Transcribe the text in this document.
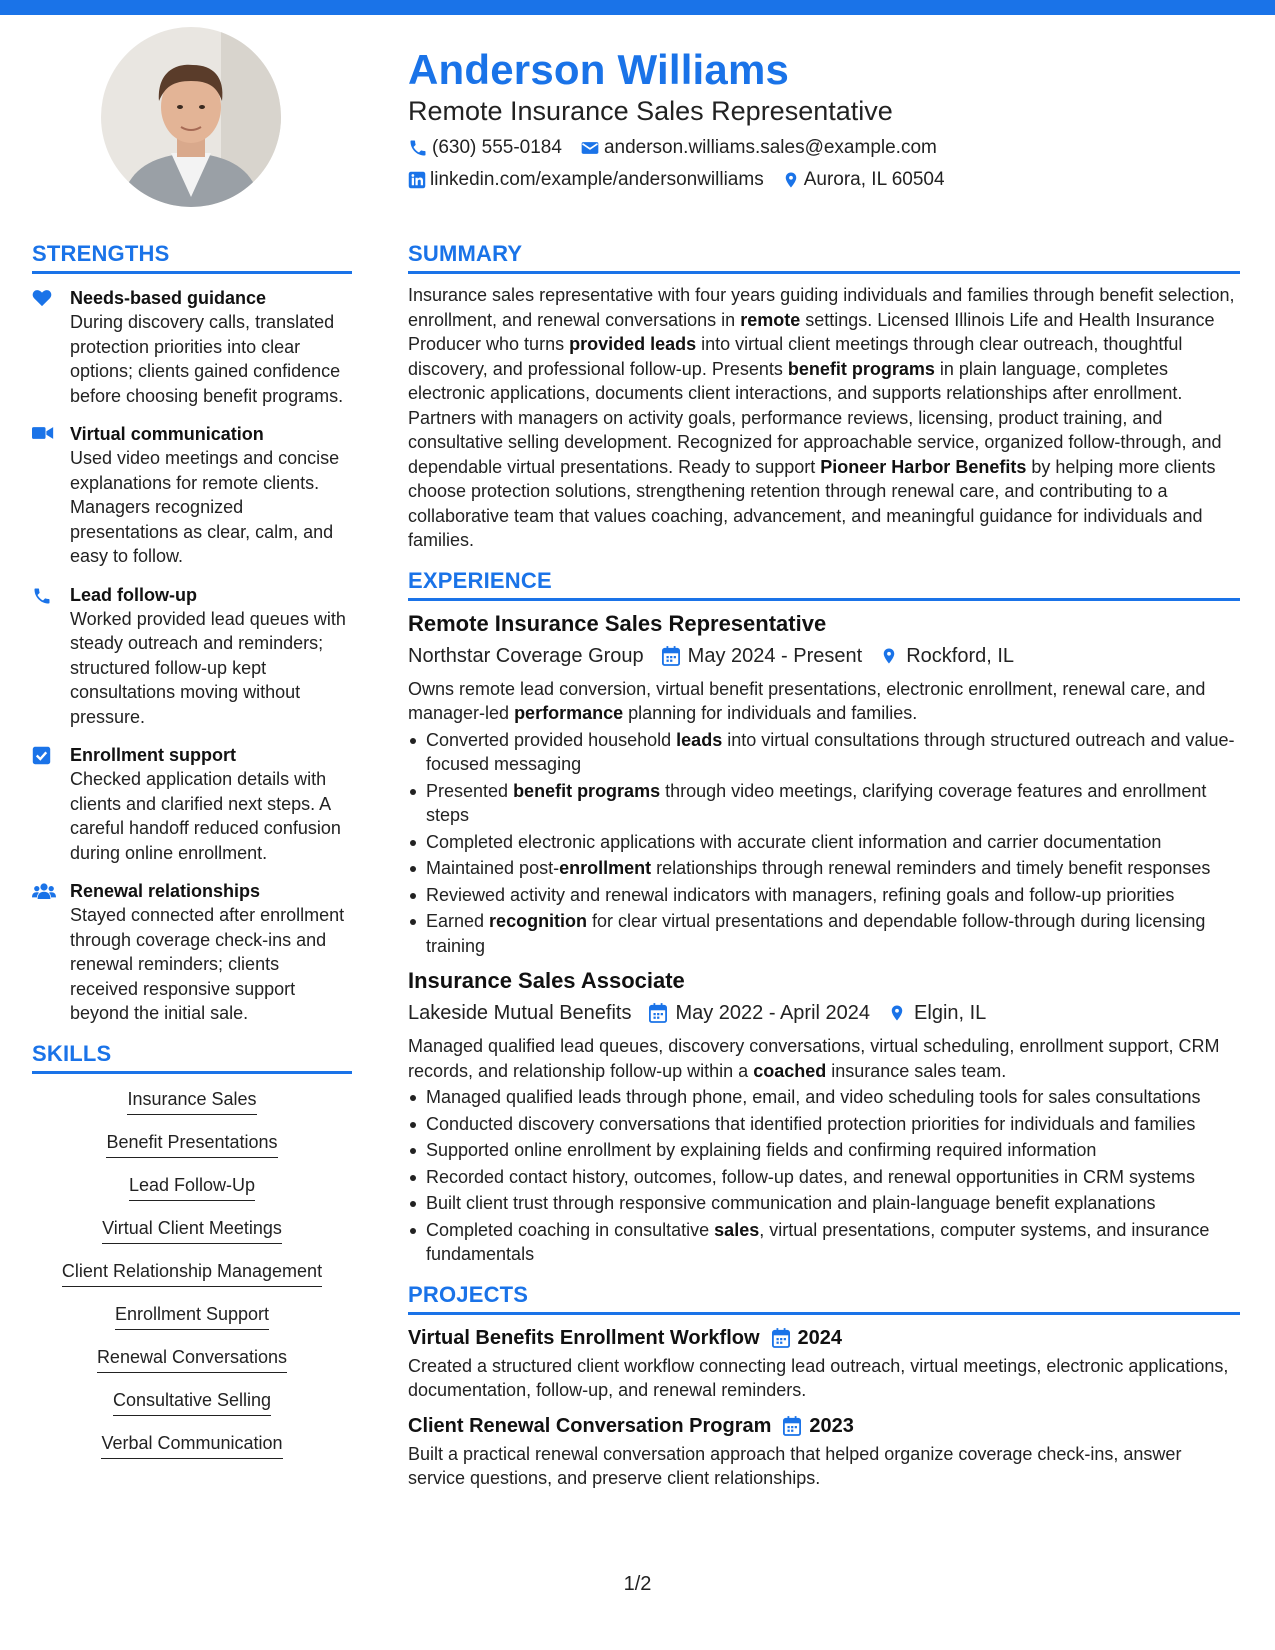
Anderson Williams
Remote Insurance Sales Representative
(630) 555-0184 anderson.williams.sales@example.com
linkedin.com/example/andersonwilliams Aurora, IL 60504
STRENGTHS
Needs-based guidance
During discovery calls, translated protection priorities into clear options; clients gained confidence before choosing benefit programs.
Virtual communication
Used video meetings and concise explanations for remote clients. Managers recognized presentations as clear, calm, and easy to follow.
Lead follow-up
Worked provided lead queues with steady outreach and reminders; structured follow-up kept consultations moving without pressure.
Enrollment support
Checked application details with clients and clarified next steps. A careful handoff reduced confusion during online enrollment.
Renewal relationships
Stayed connected after enrollment through coverage check-ins and renewal reminders; clients received responsive support beyond the initial sale.
SKILLS
Insurance Sales
Benefit Presentations
Lead Follow-Up
Virtual Client Meetings
Client Relationship Management
Enrollment Support
Renewal Conversations
Consultative Selling
Verbal Communication
SUMMARY
Insurance sales representative with four years guiding individuals and families through benefit selection, enrollment, and renewal conversations in remote settings. Licensed Illinois Life and Health Insurance Producer who turns provided leads into virtual client meetings through clear outreach, thoughtful discovery, and professional follow-up. Presents benefit programs in plain language, completes electronic applications, documents client interactions, and supports relationships after enrollment. Partners with managers on activity goals, performance reviews, licensing, product training, and consultative selling development. Recognized for approachable service, organized follow-through, and dependable virtual presentations. Ready to support Pioneer Harbor Benefits by helping more clients choose protection solutions, strengthening retention through renewal care, and contributing to a collaborative team that values coaching, advancement, and meaningful guidance for individuals and families.
EXPERIENCE
Remote Insurance Sales Representative
Northstar Coverage Group May 2024 - Present Rockford, IL
Owns remote lead conversion, virtual benefit presentations, electronic enrollment, renewal care, and manager-led performance planning for individuals and families.
Converted provided household leads into virtual consultations through structured outreach and value-focused messaging
Presented benefit programs through video meetings, clarifying coverage features and enrollment steps
Completed electronic applications with accurate client information and carrier documentation
Maintained post-enrollment relationships through renewal reminders and timely benefit responses
Reviewed activity and renewal indicators with managers, refining goals and follow-up priorities
Earned recognition for clear virtual presentations and dependable follow-through during licensing training
Insurance Sales Associate
Lakeside Mutual Benefits May 2022 - April 2024 Elgin, IL
Managed qualified lead queues, discovery conversations, virtual scheduling, enrollment support, CRM records, and relationship follow-up within a coached insurance sales team.
Managed qualified leads through phone, email, and video scheduling tools for sales consultations
Conducted discovery conversations that identified protection priorities for individuals and families
Supported online enrollment by explaining fields and confirming required information
Recorded contact history, outcomes, follow-up dates, and renewal opportunities in CRM systems
Built client trust through responsive communication and plain-language benefit explanations
Completed coaching in consultative sales, virtual presentations, computer systems, and insurance fundamentals
PROJECTS
Virtual Benefits Enrollment Workflow 2024
Created a structured client workflow connecting lead outreach, virtual meetings, electronic applications, documentation, follow-up, and renewal reminders.
Client Renewal Conversation Program 2023
Built a practical renewal conversation approach that helped organize coverage check-ins, answer service questions, and preserve client relationships.
1/2
